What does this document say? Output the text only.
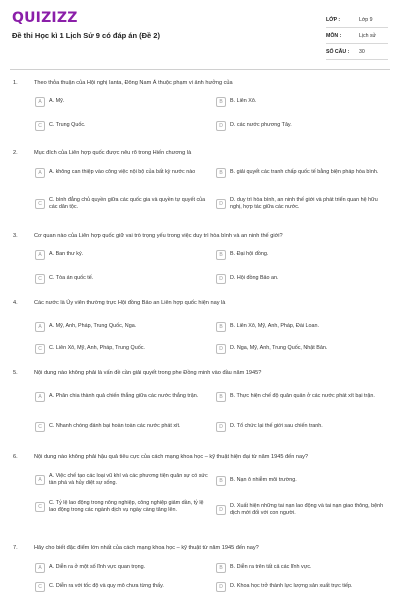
QUIZIZZ
Đề thi Học kì 1 Lịch Sử 9 có đáp án (Đề 2)
LỚP :	Lớp 9
MÔN :	Lịch sử
SỐ CÂU :	30
1.	Theo thỏa thuận của Hội nghị Ianta, Đông Nam Á thuộc phạm vi ảnh hưởng của
A	A. Mỹ.	B	B. Liên Xô.
C	C. Trung Quốc.	D	D. các nước phương Tây.
2.	Mục đích của Liên hợp quốc được nêu rõ trong Hiến chương là
A	A. không can thiệp vào công việc nội bộ của bất kỳ nước nào	B	B. giải quyết các tranh chấp quốc tế bằng biện pháp hòa bình.
C
C. bình đẳng chủ quyền giữa các quốc gia và quyền tự quyết của các dân tộc.	D
D. duy trì hòa bình, an ninh thế giới và phát triển quan hệ hữu nghị, hợp tác giữa các nước.
3.	Cơ quan nào của Liên hợp quốc giữ vai trò trọng yếu trong việc duy trì hòa bình và an ninh thế giới?
A	A. Ban thư ký.	B	B. Đại hội đồng.
C	C. Tòa án quốc tế.	D	D. Hội đồng Bảo an.
4.	Các nước là Ủy viên thường trực Hội đồng Bảo an Liên hợp quốc hiện nay là
A	A. Mỹ, Anh, Pháp, Trung Quốc, Nga.	B	B. Liên Xô, Mỹ, Anh, Pháp, Đài Loan.
C	C. Liên Xô, Mỹ, Anh, Pháp, Trung Quốc.	D	D. Nga, Mỹ, Anh, Trung Quốc, Nhật Bản.
5.	Nội dung nào không phải là vấn đề cần giải quyết trong phe Đồng minh vào đầu năm 1945?
A	A. Phân chia thành quả chiến thắng giữa các nước thắng trận.	B	B. Thực hiện chế độ quân quản ở các nước phát xít bại trận.
C	C. Nhanh chóng đánh bại hoàn toàn các nước phát xít.	D	D. Tổ chức lại thế giới sau chiến tranh.
6.	Nội dung nào không phải hậu quả tiêu cực của cách mạng khoa học – kỹ thuật hiện đại từ năm 1945 đến nay?
A
A. Việc chế tạo các loại vũ khí và các phương tiện quân sự có sức tàn phá và hủy diệt sự sống.	B	B. Nạn ô nhiễm môi trường.
C
C. Tỷ lệ lao động trong nông nghiệp, công nghiệp giảm dần, tỷ lệ lao động trong các ngành dịch vụ ngày càng tăng lên.	D
D. Xuất hiện những tai nạn lao động và tai nạn giao thông, bệnh dịch mới đối với con người.
7.	Hãy cho biết đặc điểm lớn nhất của cách mạng khoa học – kỹ thuật từ năm 1945 đến nay?
A	A. Diễn ra ở một số lĩnh vực quan trọng.	B	B. Diễn ra trên tất cả các lĩnh vực.
C	C. Diễn ra với tốc độ và quy mô chưa từng thấy.	D	D. Khoa học trở thành lực lượng sản xuất trực tiếp.
